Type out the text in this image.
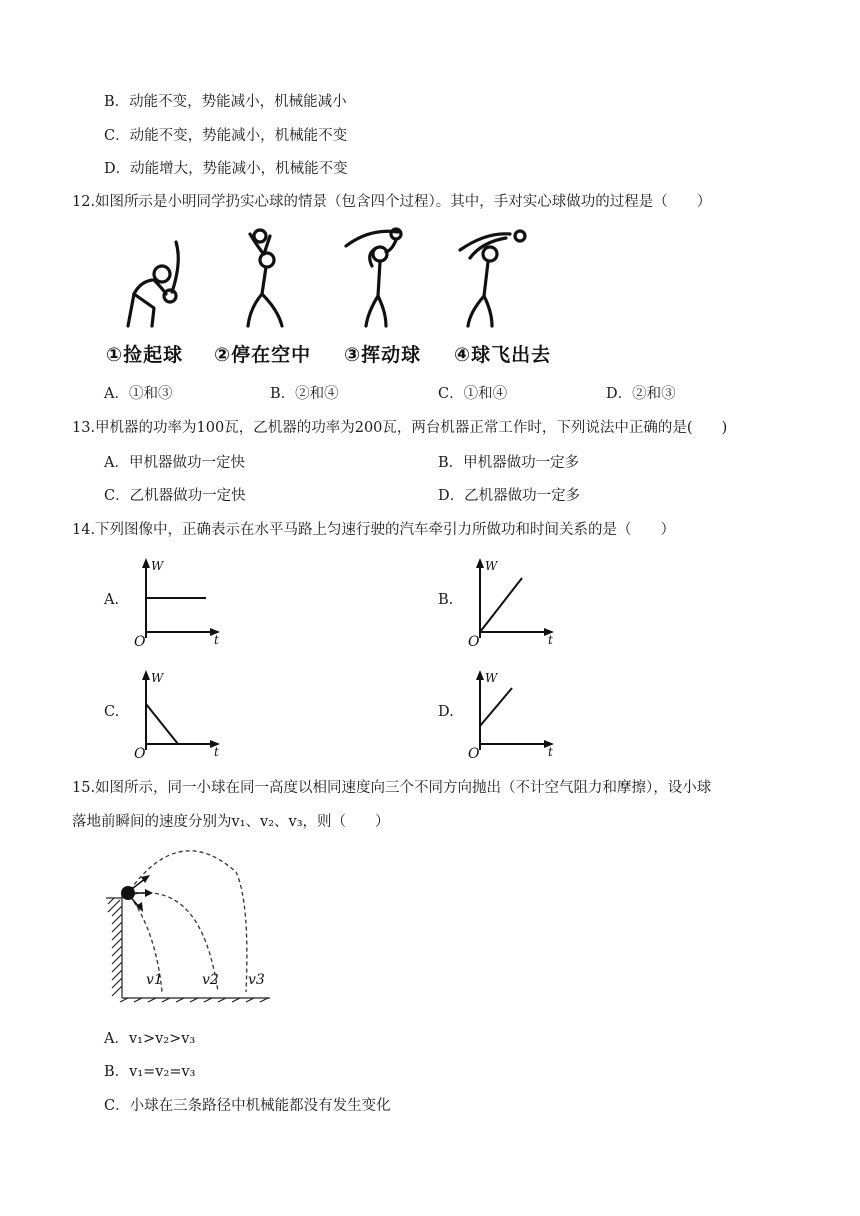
B．动能不变，势能减小，机械能减小
C．动能不变，势能减小，机械能不变
D．动能增大，势能减小，机械能不变
12.如图所示是小明同学扔实心球的情景（包含四个过程）。其中，手对实心球做功的过程是（　　）
①捡起球 ②停在空中 ③挥动球 ④球飞出去
A．①和③	B．②和④	C．①和④	D．②和③
13.甲机器的功率为100瓦，乙机器的功率为200瓦，两台机器正常工作时，下列说法中正确的是(　　)
A．甲机器做功一定快	B．甲机器做功一定多
C．乙机器做功一定快	D．乙机器做功一定多
14.下列图像中，正确表示在水平马路上匀速行驶的汽车牵引力所做功和时间关系的是（　　）
A.
W
O	t
B.
W
O	t
C.
W
O	t
D.
W
O	t
15.如图所示，同一小球在同一高度以相同速度向三个不同方向抛出（不计空气阻力和摩擦），设小球
落地前瞬间的速度分别为v₁、v₂、v₃，则（　　）
v1	v2 v3
A．v₁>v₂>v₃
B．v₁=v₂=v₃
C．小球在三条路径中机械能都没有发生变化
